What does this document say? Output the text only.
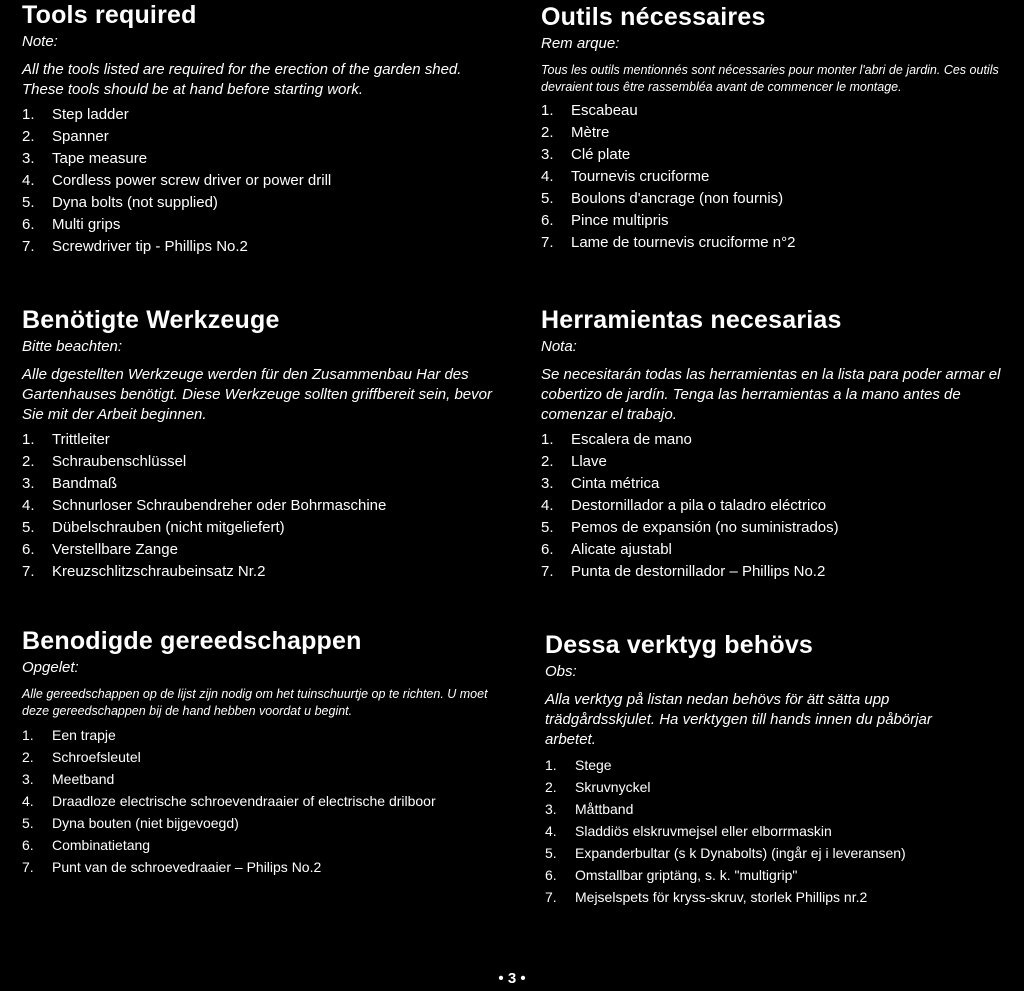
Tools required
Note:
All the tools listed are required for the erection of the garden shed. These tools should be at hand before starting work.
1. Step ladder
2. Spanner
3. Tape measure
4. Cordless power screw driver or power drill
5. Dyna bolts (not supplied)
6. Multi grips
7. Screwdriver tip - Phillips No.2
Outils nécessaires
Rem arque:
Tous les outils mentionnés sont nécessaries pour monter l'abri de jardin. Ces outils devraient tous être rassembléa avant de commencer le montage.
1. Escabeau
2. Mètre
3. Clé plate
4. Tournevis cruciforme
5. Boulons d'ancrage (non fournis)
6. Pince multipris
7. Lame de tournevis cruciforme n°2
Benötigte Werkzeuge
Bitte beachten:
Alle dgestellten Werkzeuge werden für den Zusammenbau Har des Gartenhauses benötigt. Diese Werkzeuge sollten griffbereit sein, bevor Sie mit der Arbeit beginnen.
1. Trittleiter
2. Schraubenschlüssel
3. Bandmaß
4. Schnurloser Schraubendreher oder Bohrmaschine
5. Dübelschrauben (nicht mitgeliefert)
6. Verstellbare Zange
7. Kreuzschlitzschraubeinsatz Nr.2
Herramientas necesarias
Nota:
Se necesitarán todas las herramientas en la lista para poder armar el cobertizo de jardín. Tenga las herramientas a la mano antes de comenzar el trabajo.
1. Escalera de mano
2. Llave
3. Cinta métrica
4. Destornillador a pila o taladro eléctrico
5. Pemos de expansión (no suministrados)
6. Alicate ajustabl
7. Punta de destornillador – Phillips No.2
Benodigde gereedschappen
Opgelet:
Alle gereedschappen op de lijst zijn nodig om het tuinschuurtje op te richten. U moet deze gereedschappen bij de hand hebben voordat u begint.
1. Een trapje
2. Schroefsleutel
3. Meetband
4. Draadloze electrische schroevendraaier of electrische drilboor
5. Dyna bouten (niet bijgevoegd)
6. Combinatietang
7. Punt van de schroevedraaier – Philips No.2
Dessa verktyg behövs
Obs:
Alla verktyg på listan nedan behövs för ätt sätta upp trädgårdsskjulet. Ha verktygen till hands innen du påbörjar arbetet.
1. Stege
2. Skruvnyckel
3. Måttband
4. Sladdiös elskruvmejsel eller elborrmaskin
5. Expanderbultar (s k Dynabolts) (ingår ej i leveransen)
6. Omstallbar griptäng, s. k. "multigrip"
7. Mejselspets för kryss-skruv, storlek Phillips nr.2
• 3 •
